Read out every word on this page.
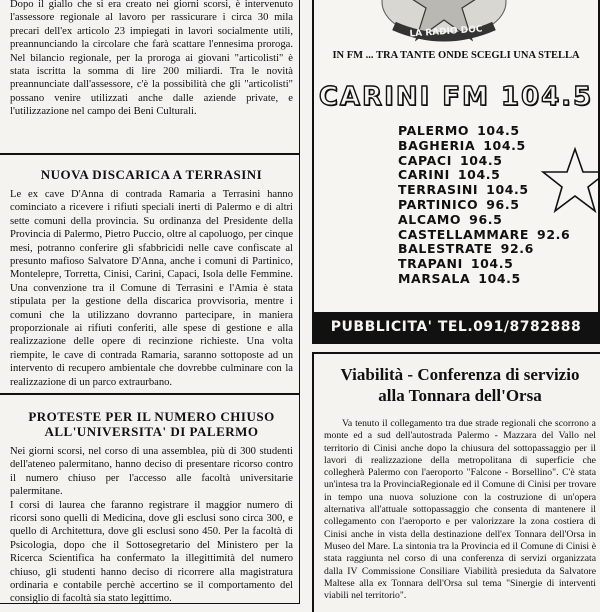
Dopo il giallo che si era creato nei giorni scorsi, è intervenuto l'assessore regionale al lavoro per rassicurare i circa 30 mila precari dell'ex articolo 23 impiegati in lavori socialmente utili, preannunciando la circolare che farà scattare l'ennesima proroga. Nel bilancio regionale, per la proroga ai giovani "articolisti" è stata iscritta la somma di lire 200 miliardi. Tra le novità preannunciate dall'assessore, c'è la possibilità che gli "articolisti" possano venire utilizzati anche dalle aziende private, e l'utilizzazione nel campo dei Beni Culturali.

NUOVA DISCARICA A TERRASINI

Le ex cave D'Anna di contrada Ramaria a Terrasini hanno cominciato a ricevere i rifiuti speciali inerti di Palermo e di altri sette comuni della provincia. Su ordinanza del Presidente della Provincia di Palermo, Pietro Puccio, oltre al capoluogo, per cinque mesi, potranno conferire gli sfabbricidi nelle cave confiscate al presunto mafioso Salvatore D'Anna, anche i comuni di Partinico, Montelepre, Torretta, Cinisi, Carini, Capaci, Isola delle Femmine. Una convenzione tra il Comune di Terrasini e l'Amia è stata stipulata per la gestione della discarica provvisoria, mentre i comuni che la utilizzano dovranno partecipare, in maniera proporzionale ai rifiuti conferiti, alle spese di gestione e alla realizzazione delle opere di recinzione richieste. Una volta riempite, le cave di contrada Ramaria, saranno sottoposte ad un intervento di recupero ambientale che dovrebbe culminare con la realizzazione di un parco extraurbano.

PROTESTE PER IL NUMERO CHIUSO
ALL'UNIVERSITA' DI PALERMO

Nei giorni scorsi, nel corso di una assemblea, più di 300 studenti dell'ateneo palermitano, hanno deciso di presentare ricorso contro il numero chiuso per l'accesso alle facoltà universitarie palermitane.

I corsi di laurea che faranno registrare il maggior numero di ricorsi sono quelli di Medicina, dove gli esclusi sono circa 300, e quello di Architettura, dove gli esclusi sono 450. Per la facoltà di Psicologia, dopo che il Sottosegretario del Ministero per la Ricerca Scientifica ha confermato la illegittimità del numero chiuso, gli studenti hanno deciso di ricorrere alla magistratura ordinaria e contabile perchè accertino se il comportamento del consiglio di facoltà sia stato legittimo.

LA RADIO DOC
IN FM ... TRA TANTE ONDE SCEGLI UNA STELLA
CARINI FM 104.5
PALERMO 104.5
BAGHERIA 104.5
CAPACI 104.5
CARINI 104.5
TERRASINI 104.5
PARTINICO 96.5
ALCAMO 96.5
CASTELLAMMARE 92.6
BALESTRATE 92.6
TRAPANI 104.5
MARSALA 104.5
PUBBLICITA' TEL.091/8782888
Viabilità - Conferenza di servizio
alla Tonnara dell'Orsa

Va tenuto il collegamento tra due strade regionali che scorrono a monte ed a sud dell'autostrada Palermo - Mazzara del Vallo nel territorio di Cinisi anche dopo la chiusura del sottopassaggio per il lavori di realizzazione della metropolitana di superficie che collegherà Palermo con l'aeroporto "Falcone - Borsellino". C'è stata un'intesa tra la ProvinciaRegionale ed il Comune di Cinisi per trovare in tempo una nuova soluzione con la costruzione di un'opera alternativa all'attuale sottopassaggio che consenta di mantenere il collegamento con l'aeroporto e per valorizzare la zona costiera di Cinisi anche in vista della destinazione dell'ex Tonnara dell'Orsa in Museo del Mare. La sintonia tra la Provincia ed il Comune di Cinisi è stata raggiunta nel corso di una conferenza di servizi organizzata dalla IV Commissione Consiliare Viabilità presieduta da Salvatore Maltese alla ex Tonnara dell'Orsa sul tema "Sinergie di interventi viabili nel territorio".
